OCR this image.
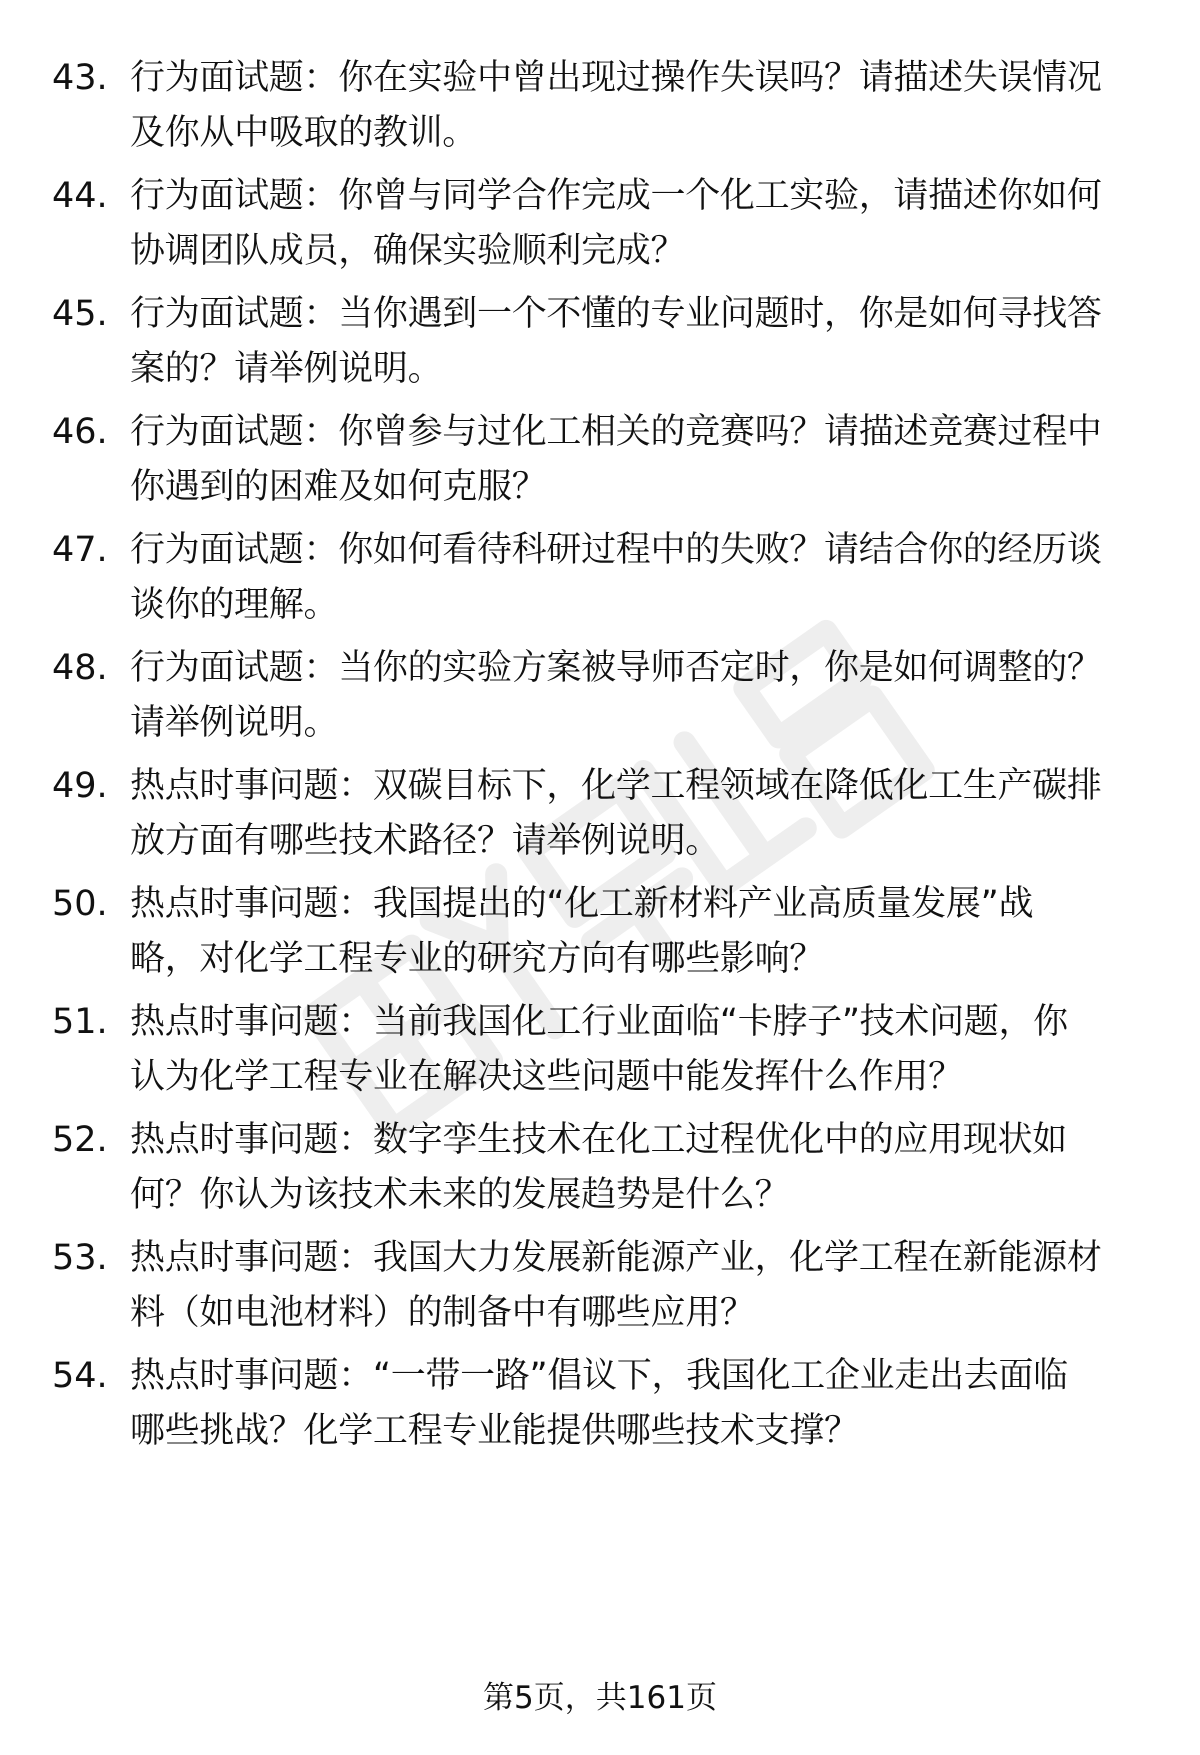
43. 行为面试题：你在实验中曾出现过操作失误吗？请描述失误情况
及你从中吸取的教训。
44. 行为面试题：你曾与同学合作完成一个化工实验，请描述你如何
协调团队成员，确保实验顺利完成？
45. 行为面试题：当你遇到一个不懂的专业问题时，你是如何寻找答
案的？请举例说明。
46. 行为面试题：你曾参与过化工相关的竞赛吗？请描述竞赛过程中
你遇到的困难及如何克服？
47. 行为面试题：你如何看待科研过程中的失败？请结合你的经历谈
谈你的理解。
48. 行为面试题：当你的实验方案被导师否定时，你是如何调整的？
请举例说明。
49. 热点时事问题：双碳目标下，化学工程领域在降低化工生产碳排
放方面有哪些技术路径？请举例说明。
50. 热点时事问题：我国提出的“化工新材料产业高质量发展”战
略，对化学工程专业的研究方向有哪些影响？
51. 热点时事问题：当前我国化工行业面临“卡脖子”技术问题，你
认为化学工程专业在解决这些问题中能发挥什么作用？
52. 热点时事问题：数字孪生技术在化工过程优化中的应用现状如
何？你认为该技术未来的发展趋势是什么？
53. 热点时事问题：我国大力发展新能源产业，化学工程在新能源材
料（如电池材料）的制备中有哪些应用？
54. 热点时事问题：“一带一路”倡议下，我国化工企业走出去面临
哪些挑战？化学工程专业能提供哪些技术支撑？
第5页，共161页
